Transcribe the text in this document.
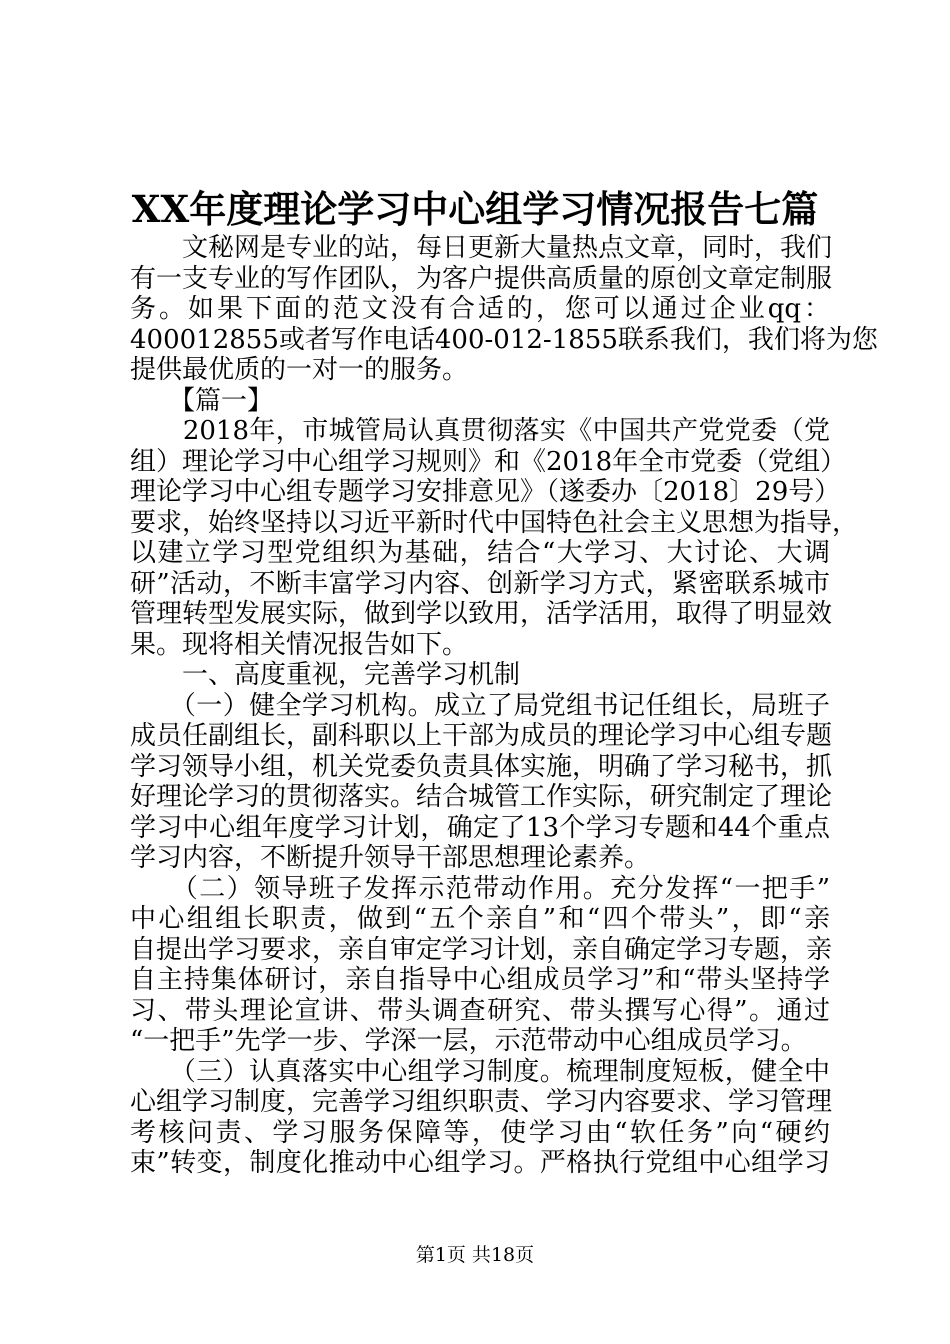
XX年度理论学习中心组学习情况报告七篇
　　文秘网是专业的站，每日更新大量热点文章，同时，我们
有一支专业的写作团队，为客户提供高质量的原创文章定制服
务。如果下面的范文没有合适的，您可以通过企业qq：
400012855或者写作电话400-012-1855联系我们，我们将为您
提供最优质的一对一的服务。
　　【篇一】
　　2018年，市城管局认真贯彻落实《中国共产党党委（党
组）理论学习中心组学习规则》和《2018年全市党委（党组）
理论学习中心组专题学习安排意见》（遂委办〔2018〕29号）
要求，始终坚持以习近平新时代中国特色社会主义思想为指导，
以建立学习型党组织为基础，结合“大学习、大讨论、大调
研”活动，不断丰富学习内容、创新学习方式，紧密联系城市
管理转型发展实际，做到学以致用，活学活用，取得了明显效
果。现将相关情况报告如下。
　　一、高度重视，完善学习机制
　　（一）健全学习机构。成立了局党组书记任组长，局班子
成员任副组长，副科职以上干部为成员的理论学习中心组专题
学习领导小组，机关党委负责具体实施，明确了学习秘书，抓
好理论学习的贯彻落实。结合城管工作实际，研究制定了理论
学习中心组年度学习计划，确定了13个学习专题和44个重点
学习内容，不断提升领导干部思想理论素养。
　　（二）领导班子发挥示范带动作用。充分发挥“一把手”
中心组组长职责，做到“五个亲自”和“四个带头”，即“亲
自提出学习要求，亲自审定学习计划，亲自确定学习专题，亲
自主持集体研讨，亲自指导中心组成员学习”和“带头坚持学
习、带头理论宣讲、带头调查研究、带头撰写心得”。通过
“一把手”先学一步、学深一层，示范带动中心组成员学习。
　　（三）认真落实中心组学习制度。梳理制度短板，健全中
心组学习制度，完善学习组织职责、学习内容要求、学习管理
考核问责、学习服务保障等，使学习由“软任务”向“硬约
束”转变，制度化推动中心组学习。严格执行党组中心组学习
第1页 共18页
